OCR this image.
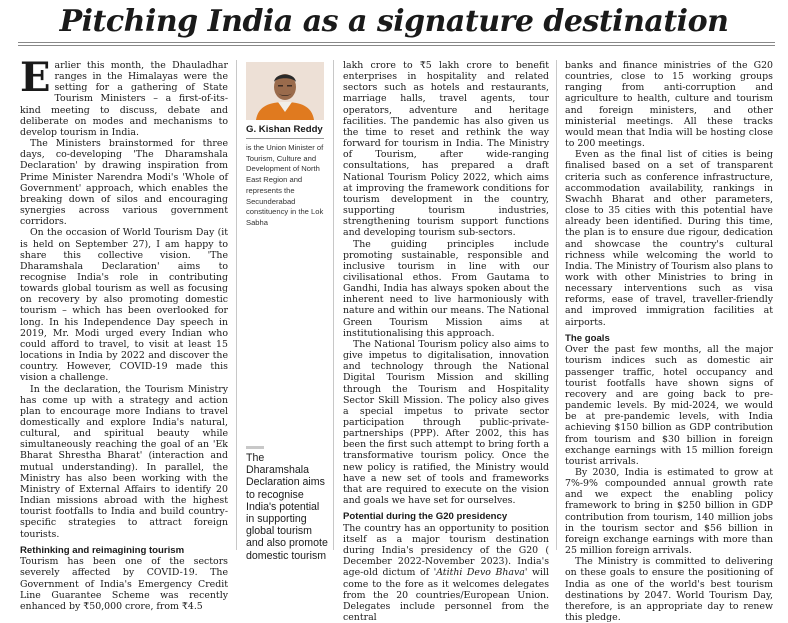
Pitching India as a signature destination

Earlier this month, the Dhauladhar ranges in the Himalayas were the setting for a gathering of State Tourism Ministers – a first-of-its-kind meeting to discuss, debate and deliberate on modes and mechanisms to develop tourism in India.

The Ministers brainstormed for three days, co-developing 'The Dharamshala Declaration' by drawing inspiration from Prime Minister Narendra Modi's 'Whole of Government' approach, which enables the breaking down of silos and encouraging synergies across various government corridors.

On the occasion of World Tourism Day (it is held on September 27), I am happy to share this collective vision. 'The Dharamshala Declaration' aims to recognise India's role in contributing towards global tourism as well as focusing on recovery by also promoting domestic tourism – which has been overlooked for long. In his Independence Day speech in 2019, Mr. Modi urged every Indian who could afford to travel, to visit at least 15 locations in India by 2022 and discover the country. However, COVID-19 made this vision a challenge.

In the declaration, the Tourism Ministry has come up with a strategy and action plan to encourage more Indians to travel domestically and explore India's natural, cultural, and spiritual beauty while simultaneously reaching the goal of an 'Ek Bharat Shrestha Bharat' (interaction and mutual understanding). In parallel, the Ministry has also been working with the Ministry of External Affairs to identify 20 Indian missions abroad with the highest tourist footfalls to India and build country-specific strategies to attract foreign tourists.

Rethinking and reimagining tourism

Tourism has been one of the sectors severely affected by COVID-19. The Government of India's Emergency Credit Line Guarantee Scheme was recently enhanced by ₹50,000 crore, from ₹4.5

G. Kishan Reddy
is the Union Minister of Tourism, Culture and Development of North East Region and represents the Secunderabad constituency in the Lok Sabha
The Dharamshala Declaration aims to recognise India's potential in supporting global tourism and also promote domestic tourism

lakh crore to ₹5 lakh crore to benefit enterprises in hospitality and related sectors such as hotels and restaurants, marriage halls, travel agents, tour operators, adventure and heritage facilities. The pandemic has also given us the time to reset and rethink the way forward for tourism in India. The Ministry of Tourism, after wide-ranging consultations, has prepared a draft National Tourism Policy 2022, which aims at improving the framework conditions for tourism development in the country, supporting tourism industries, strengthening tourism support functions and developing tourism sub-sectors.

The guiding principles include promoting sustainable, responsible and inclusive tourism in line with our civilisational ethos. From Gautama to Gandhi, India has always spoken about the inherent need to live harmoniously with nature and within our means. The National Green Tourism Mission aims at institutionalising this approach.

The National Tourism policy also aims to give impetus to digitalisation, innovation and technology through the National Digital Tourism Mission and skilling through the Tourism and Hospitality Sector Skill Mission. The policy also gives a special impetus to private sector participation through public-private-partnerships (PPP). After 2002, this has been the first such attempt to bring forth a transformative tourism policy. Once the new policy is ratified, the Ministry would have a new set of tools and frameworks that are required to execute on the vision and goals we have set for ourselves.

Potential during the G20 presidency

The country has an opportunity to position itself as a major tourism destination during India's presidency of the G20 ( December 2022-November 2023). India's age-old dictum of 'Atithi Devo Bhava' will come to the fore as it welcomes delegates from the 20 countries/European Union. Delegates include personnel from the central

banks and finance ministries of the G20 countries, close to 15 working groups ranging from anti-corruption and agriculture to health, culture and tourism and foreign ministers, and other ministerial meetings. All these tracks would mean that India will be hosting close to 200 meetings.

Even as the final list of cities is being finalised based on a set of transparent criteria such as conference infrastructure, accommodation availability, rankings in Swachh Bharat and other parameters, close to 35 cities with this potential have already been identified. During this time, the plan is to ensure due rigour, dedication and showcase the country's cultural richness while welcoming the world to India. The Ministry of Tourism also plans to work with other Ministries to bring in necessary interventions such as visa reforms, ease of travel, traveller-friendly and improved immigration facilities at airports.

The goals

Over the past few months, all the major tourism indices such as domestic air passenger traffic, hotel occupancy and tourist footfalls have shown signs of recovery and are going back to pre-pandemic levels. By mid-2024, we would be at pre-pandemic levels, with India achieving $150 billion as GDP contribution from tourism and $30 billion in foreign exchange earnings with 15 million foreign tourist arrivals.

By 2030, India is estimated to grow at 7%-9% compounded annual growth rate and we expect the enabling policy framework to bring in $250 billion in GDP contribution from tourism, 140 million jobs in the tourism sector and $56 billion in foreign exchange earnings with more than 25 million foreign arrivals.

The Ministry is committed to delivering on these goals to ensure the positioning of India as one of the world's best tourism destinations by 2047. World Tourism Day, therefore, is an appropriate day to renew this pledge.
